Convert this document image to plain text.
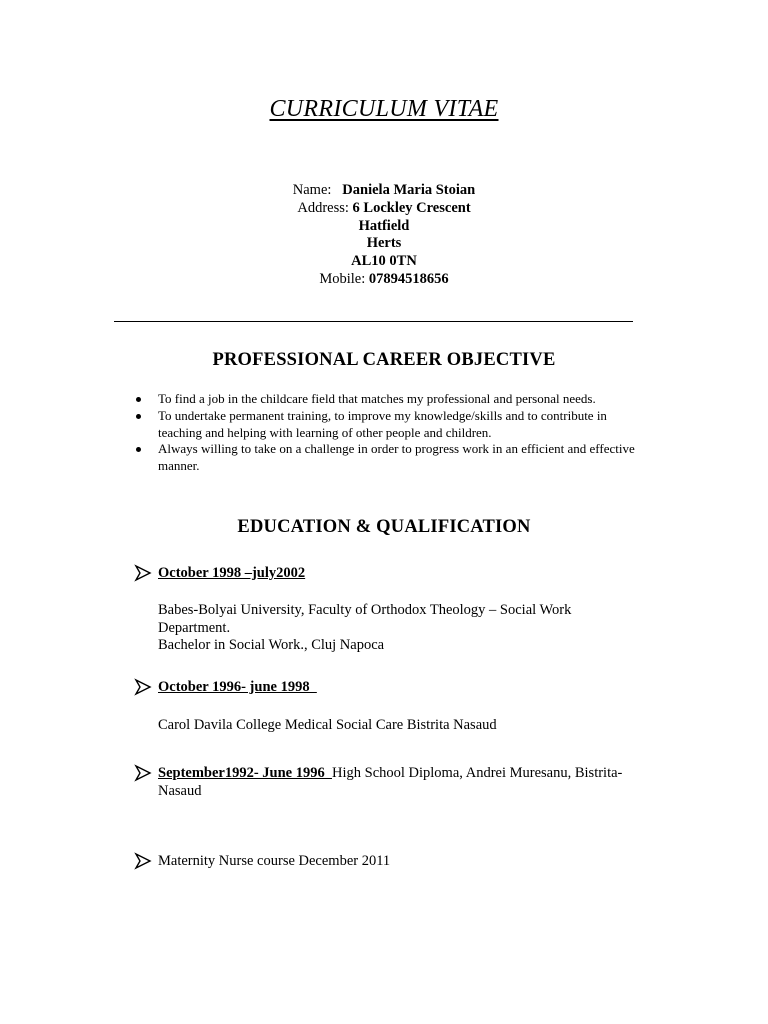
CURRICULUM VITAE
Name:   Daniela Maria Stoian
Address: 6 Lockley Crescent
Hatfield
Herts
AL10 0TN
Mobile: 07894518656
PROFESSIONAL CAREER OBJECTIVE
To find a job in the childcare field that matches my professional and personal needs.
To undertake permanent training, to improve my knowledge/skills and to contribute in teaching and helping with learning of other people and children.
Always willing to take on a challenge in order to progress work in an efficient and effective manner.
EDUCATION & QUALIFICATION
October 1998 –july2002
Babes-Bolyai University, Faculty of Orthodox Theology – Social Work Department.
Bachelor in Social Work., Cluj Napoca
October 1996- june 1998
Carol Davila College Medical Social Care Bistrita Nasaud
September1992- June 1996  High School Diploma, Andrei Muresanu, Bistrita-Nasaud
Maternity Nurse course December 2011
